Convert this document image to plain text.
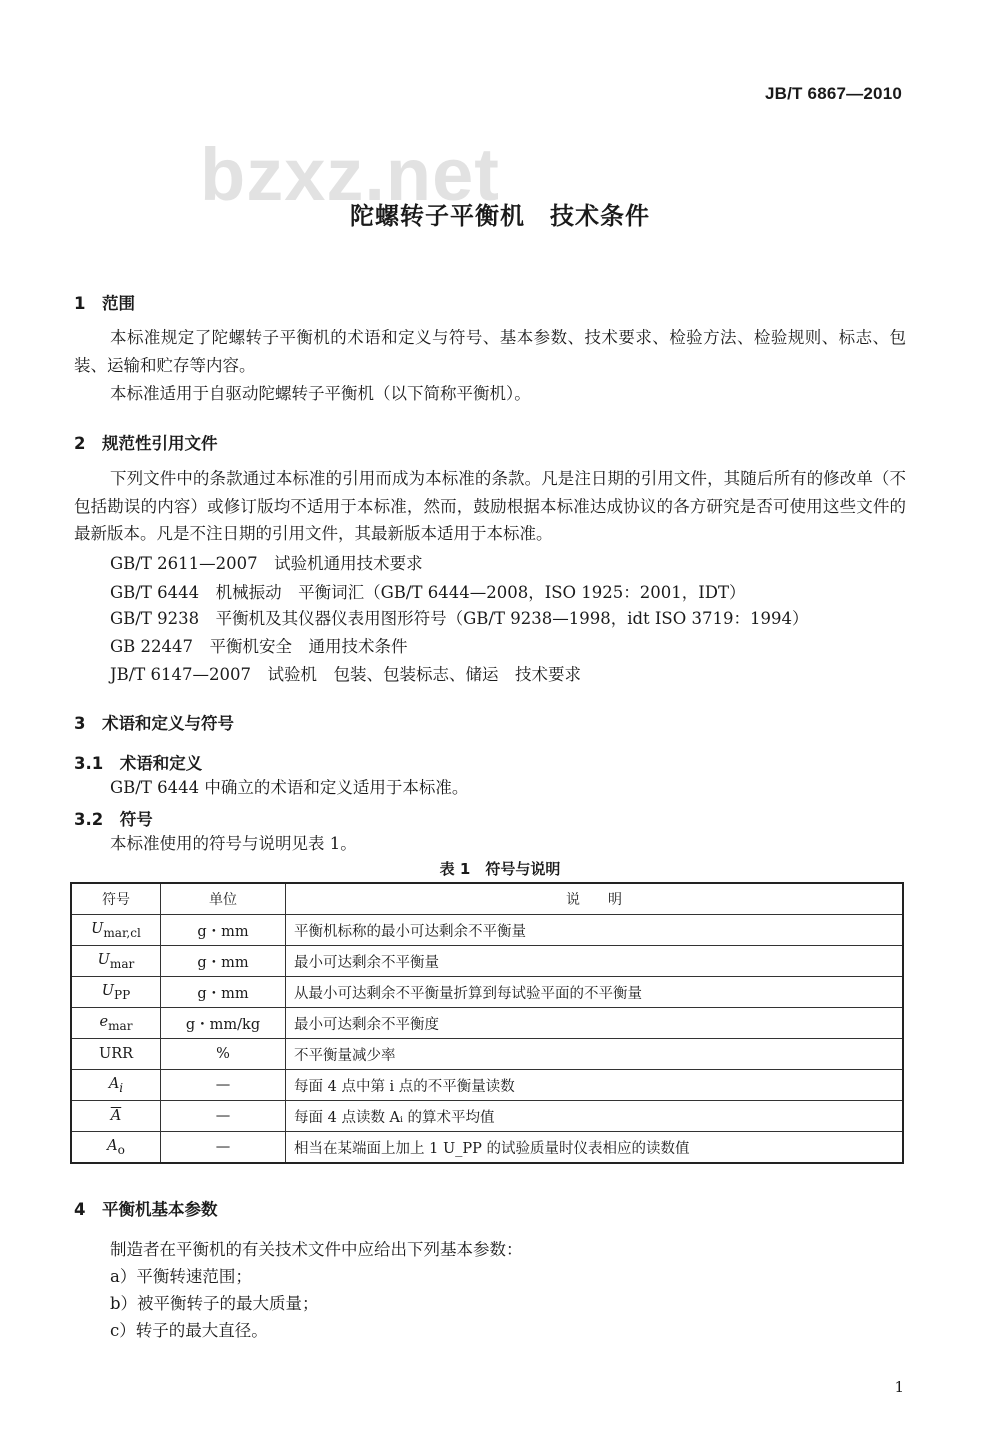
JB/T 6867—2010
bzxz.net
陀螺转子平衡机　技术条件
1　范围
本标准规定了陀螺转子平衡机的术语和定义与符号、基本参数、技术要求、检验方法、检验规则、标志、包装、运输和贮存等内容。
本标准适用于自驱动陀螺转子平衡机（以下简称平衡机）。
2　规范性引用文件
下列文件中的条款通过本标准的引用而成为本标准的条款。凡是注日期的引用文件，其随后所有的修改单（不包括勘误的内容）或修订版均不适用于本标准，然而，鼓励根据本标准达成协议的各方研究是否可使用这些文件的最新版本。凡是不注日期的引用文件，其最新版本适用于本标准。
GB/T 2611—2007　试验机通用技术要求
GB/T 6444　机械振动　平衡词汇（GB/T 6444—2008，ISO 1925：2001，IDT）
GB/T 9238　平衡机及其仪器仪表用图形符号（GB/T 9238—1998，idt ISO 3719：1994）
GB 22447　平衡机安全　通用技术条件
JB/T 6147—2007　试验机　包装、包装标志、储运　技术要求
3　术语和定义与符号
3.1　术语和定义
GB/T 6444 中确立的术语和定义适用于本标准。
3.2　符号
本标准使用的符号与说明见表 1。
表 1　符号与说明
符号	单位	说　　明
$U_{mar,cl}$	g・mm	平衡机标称的最小可达剩余不平衡量
$U_{mar}$	g・mm	最小可达剩余不平衡量
$U_{PP}$	g・mm	从最小可达剩余不平衡量折算到每试验平面的不平衡量
$e_{mar}$	g・mm/kg	最小可达剩余不平衡度
URR	%	不平衡量减少率
$A_i$	—	每面 4 点中第 i 点的不平衡量读数
$\overline{A}$	—	每面 4 点读数 Aᵢ 的算术平均值
$A_o$	—	相当在某端面上加上 1 U_PP 的试验质量时仪表相应的读数值
4　平衡机基本参数
制造者在平衡机的有关技术文件中应给出下列基本参数：
a）平衡转速范围；
b）被平衡转子的最大质量；
c）转子的最大直径。
1
